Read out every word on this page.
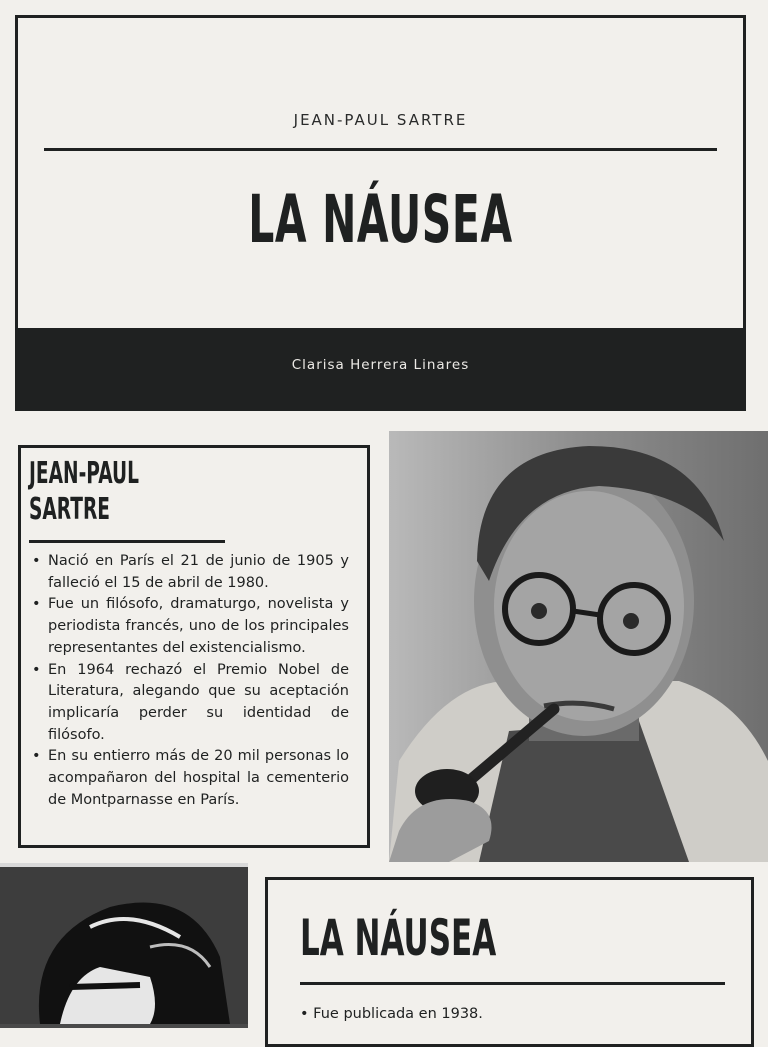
JEAN-PAUL SARTRE
LA NÁUSEA
Clarisa Herrera Linares
JEAN-PAUL
SARTRE
• Nació en París el 21 de junio de 1905 y falleció el 15 de abril de 1980.
• Fue un filósofo, dramaturgo, novelista y periodista francés, uno de los principales representantes del existencialismo.
• En 1964 rechazó el Premio Nobel de Literatura, alegando que su aceptación implicaría perder su identidad de filósofo.
• En su entierro más de 20 mil personas lo acompañaron del hospital la cementerio de Montparnasse en París.
LA NÁUSEA
• Fue publicada en 1938.
